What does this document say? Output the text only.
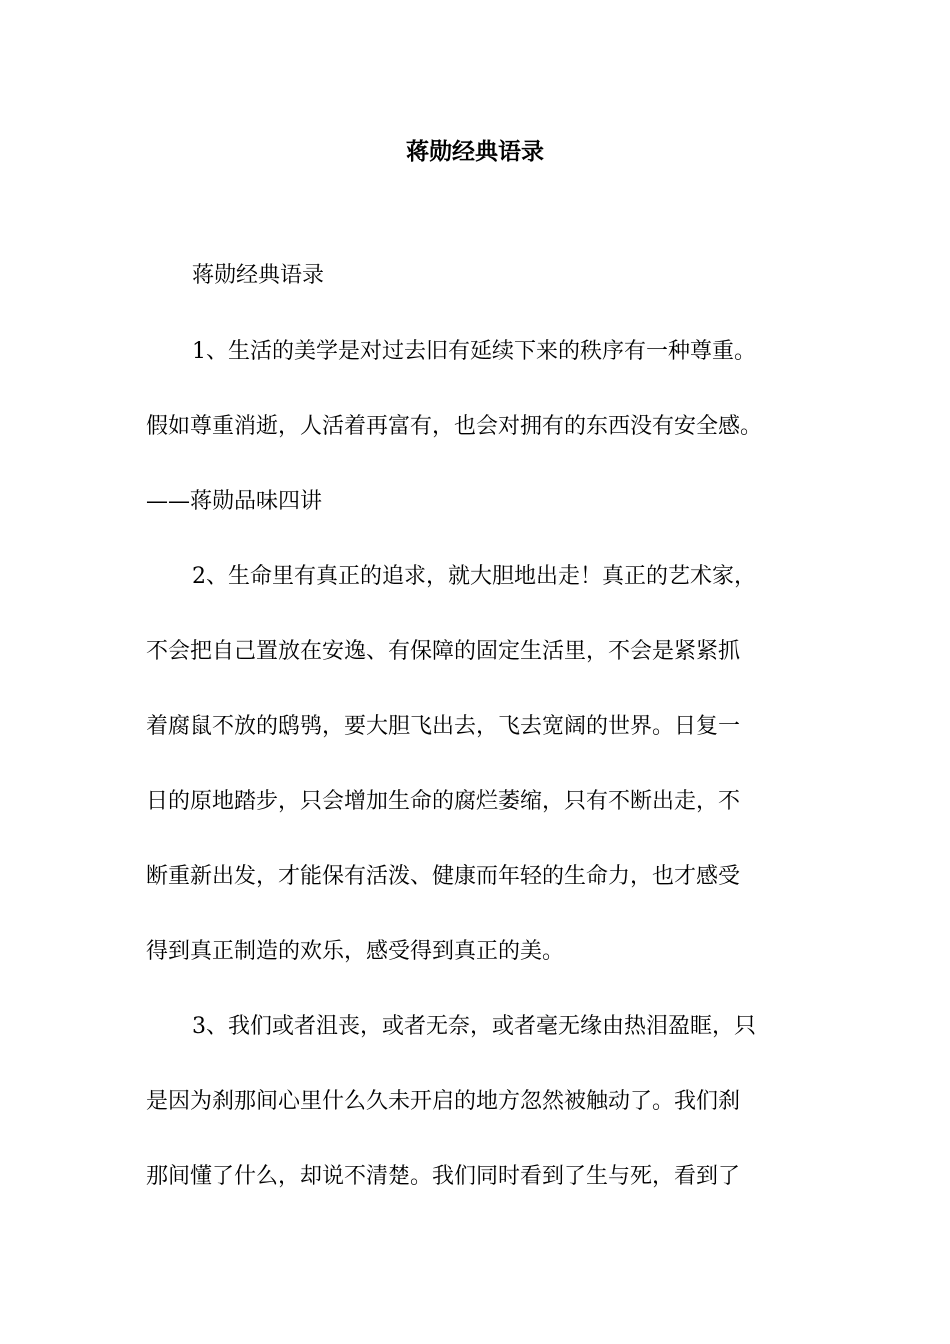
蒋勋经典语录
蒋勋经典语录
1、生活的美学是对过去旧有延续下来的秩序有一种尊重。
假如尊重消逝，人活着再富有，也会对拥有的东西没有安全感。
——蒋勋品味四讲
2、生命里有真正的追求，就大胆地出走！真正的艺术家，
不会把自己置放在安逸、有保障的固定生活里，不会是紧紧抓
着腐鼠不放的鸱鸮，要大胆飞出去，飞去宽阔的世界。日复一
日的原地踏步，只会增加生命的腐烂萎缩，只有不断出走，不
断重新出发，才能保有活泼、健康而年轻的生命力，也才感受
得到真正制造的欢乐，感受得到真正的美。
3、我们或者沮丧，或者无奈，或者毫无缘由热泪盈眶，只
是因为刹那间心里什么久未开启的地方忽然被触动了。我们刹
那间懂了什么，却说不清楚。我们同时看到了生与死，看到了
